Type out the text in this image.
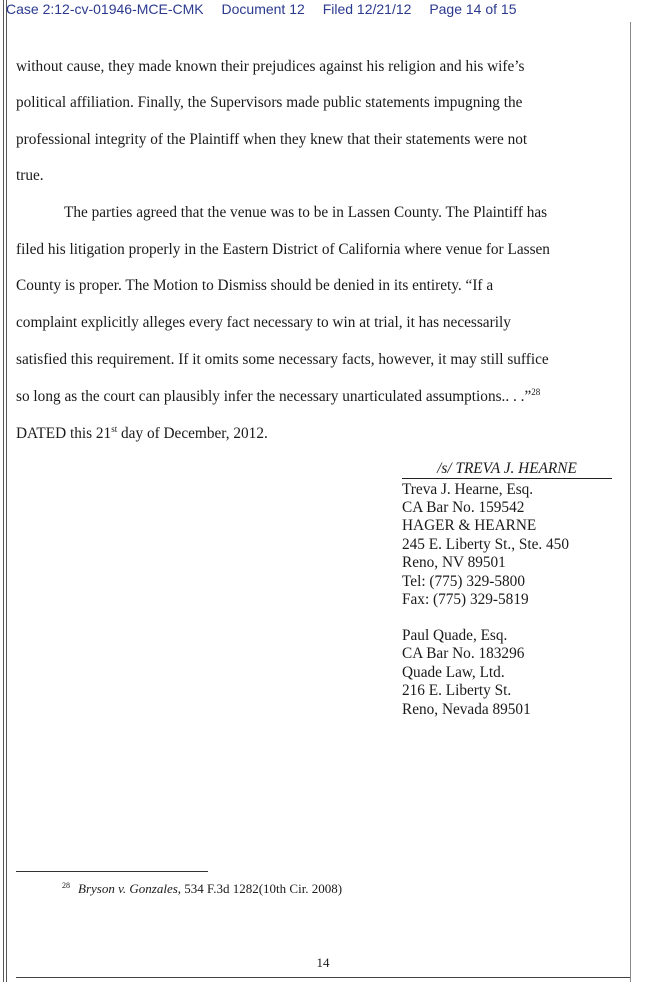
Case 2:12-cv-01946-MCE-CMK Document 12 Filed 12/21/12 Page 14 of 15
without cause, they made known their prejudices against his religion and his wife’s
political affiliation. Finally, the Supervisors made public statements impugning the
professional integrity of the Plaintiff when they knew that their statements were not
true.
The parties agreed that the venue was to be in Lassen County. The Plaintiff has
filed his litigation properly in the Eastern District of California where venue for Lassen
County is proper. The Motion to Dismiss should be denied in its entirety. “If a
complaint explicitly alleges every fact necessary to win at trial, it has necessarily
satisfied this requirement. If it omits some necessary facts, however, it may still suffice
so long as the court can plausibly infer the necessary unarticulated assumptions.. . .”$^{28}$
DATED this 21st day of December, 2012.
/s/ TREVA J. HEARNE
Treva J. Hearne, Esq.
CA Bar No. 159542
HAGER & HEARNE
245 E. Liberty St., Ste. 450
Reno, NV 89501
Tel: (775) 329-5800
Fax: (775) 329-5819
Paul Quade, Esq.
CA Bar No. 183296
Quade Law, Ltd.
216 E. Liberty St.
Reno, Nevada 89501
$^{28}$ Bryson v. Gonzales, 534 F.3d 1282(10th Cir. 2008)
14
